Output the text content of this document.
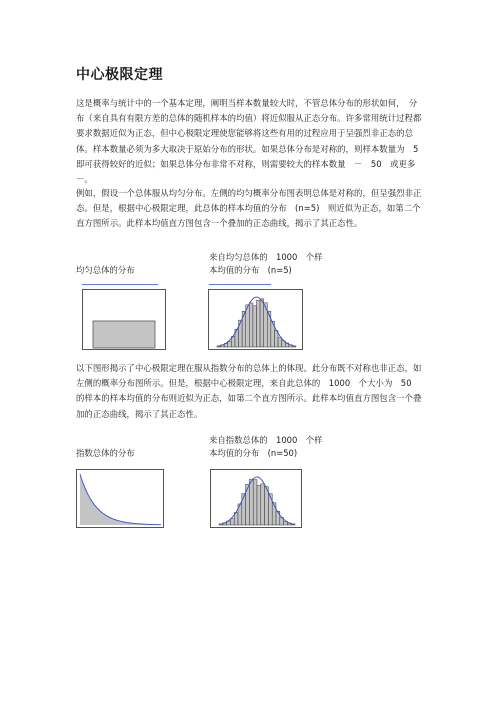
中心极限定理
这是概率与统计中的一个基本定理，阐明当样本数量较大时，不管总体分布的形状如何，　分布（来自具有有限方差的总体的随机样本的均值）将近似服从正态分布。许多常用统计过程都要求数据近似为正态，但中心极限定理使您能够将这些有用的过程应用于呈强烈非正态的总体。样本数量必须为多大取决于原始分布的形状。如果总体分布是对称的，则样本数量为　5　即可获得较好的近似；如果总体分布非常不对称，则需要较大的样本数量　－　50　或更多－。
例如，假设一个总体服从均匀分布。左侧的均匀概率分布图表明总体是对称的，但呈强烈非正态。但是，根据中心极限定理，此总体的样本均值的分布　(n=5)　则近似为正态，如第二个直方图所示。此样本均值直方图包含一个叠加的正态曲线，揭示了其正态性。
均匀总体的分布
来自均匀总体的　1000　个样
本均值的分布　(n=5)
以下图形揭示了中心极限定理在服从指数分布的总体上的体现。此分布既不对称也非正态，如左侧的概率分布图所示。但是，根据中心极限定理，来自此总体的　1000　个大小为　50　的样本的样本均值的分布则近似为正态，如第二个直方图所示。此样本均值直方图包含一个叠加的正态曲线，揭示了其正态性。
指数总体的分布
来自指数总体的　1000　个样
本均值的分布　(n=50)
